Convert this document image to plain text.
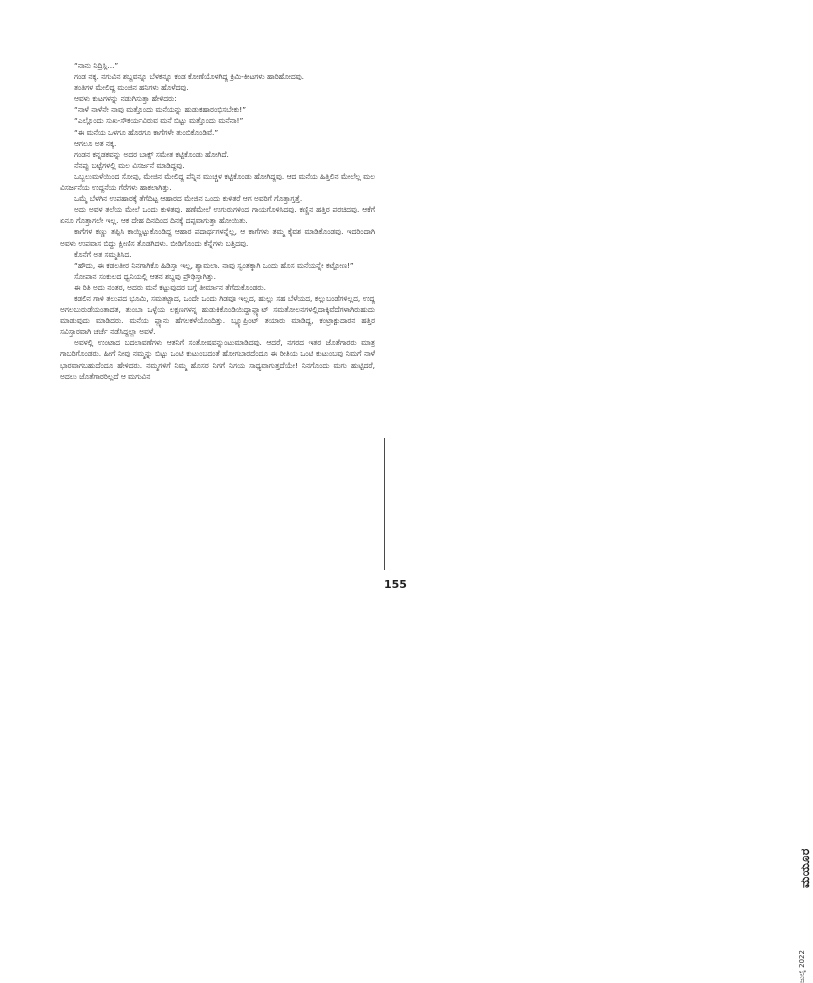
“ನಾನು ನಿದ್ರಿಸ್ಲಿ...”

ಗಂಡ ನಕ್ಕ. ನಗುವಿನ ಶಬ್ದವನ್ನೂ ಬೆಳಕನ್ನೂ ಕಂಡ ಕೋಣೆಯೊಳಗಿದ್ದ ಕ್ರಿಮಿ-ಕೀಟಗಳು ಹಾರಿಹೋದವು.

ತಂತಿಗಳ ಮೇಲಿದ್ದ ಮಂಜಿನ ಹನಿಗಳು ಹೊಳೆದವು.

ಆವಳು ಕುಟಗಳನ್ನು ನಡುಗಿಸುತ್ತಾ ಹೇಳಿದರು:

“ನಾಳೆ ನಾಳೆನೇ ನಾವು ಮತ್ತೊಂದು ಮನೆಯನ್ನು ಹುಡುಕಹಾರಂಭಿಸಬೇಕು!”

“ಎಲ್ಲೊಂದು ಸುಖ-ಸೌಕರ್ಯವಿರುವ ಮನೆ ಬಿಟ್ಟು ಮತ್ತೊಂದು ಮನೆನಾ!”

“ಈ ಮನೆಯ ಒಳಗೂ ಹೊರಗೂ ಕಾಗೆಗಳೇ ತುಂಬಿಕೊಂಡಿವೆ.”

ಆಗಲೂ ಅತ ನಕ್ಕ.

ಗಂಡನ ಕನ್ನಡಕವನ್ನು ಅದರ ಬಾಕ್ಸ್ ಸಮೇತ ಕಟ್ಟಿಕೊಂಡು ಹೋಗಿದೆ.

ನೆನಪ್ಪು ಬಟ್ಟೆಗಳಲ್ಲಿ ಮಲ ವಿಸರ್ಜನೆ ಮಾಡಿದ್ದವು.

ಒಬ್ಬಲುಮಳೆಯಿಂದ ಸೋಪು, ಮೇಜಿನ ಮೇಲಿದ್ದ ಪೆನ್ನಿನ ಮುಚ್ಚಳ ಕಟ್ಟಿಕೊಂಡು ಹೋಗಿದ್ದವು. ಆದ ಮನೆಯ ಹಿತ್ತಿಲಿನ ಮೇಲೆಲ್ಲ ಮಲ ವಿಸರ್ಜನೆಯ ಉದ್ದನೆಯ ಗೆರೆಗಳು ಹಾಕಲಾಗಿತ್ತು.

ಒಮ್ಮೆ ಬೆಳಗಿನ ಉಪಹಾರಕ್ಕೆ ತೆಗೆದಿಟ್ಟ ಆಹಾರದ ಮೇಜಿನ ಒಂದು ಕುಳಿತರೆ ಆಗ ಅವರಿಗೆ ಗೊತ್ತಾಗ್ತತ್ತೆ.

ಅದು ಅವಳ ತಲೆಯ ಮೇಲೆ ಒಂದು ಕುಳಿತವು. ಹಣೆಮೇಲೆ ಉಗುರುಗಳಿಂದ ಗಾಯಗೊಳಿಸಿದವು. ಕಣ್ಣಿನ ಹತ್ತಿರ ಪರಚಿದವು. ಆಕೆಗೆ ಏನೂ ಗೊತ್ತಾಗಲೇ ಇಲ್ಲ. ಆಕ ದೇಹ ದಿನದಿಂದ ದಿನಕ್ಕೆ ದಪ್ಪವಾಗುತ್ತಾ ಹೋಯಿತು.

ಕಾಗೆಗಳ ಕಣ್ಣು ತಪ್ಪಿಸಿ ಕಾಯ್ದಿಟ್ಟುಕೊಂಡಿದ್ದ ಆಹಾರ ಪದಾರ್ಥಗಳನ್ನೆಲ್ಲ, ಆ ಕಾಗೆಗಳು ತಮ್ಮ ಕೈವಶ ಮಾಡಿಕೊಂಡವು. ಇದರಿಂದಾಗಿ ಅವಳು ಉಪವಾಸ ಬಿದ್ದು ಕ್ಷೀಣಿಸ ತೊಡಗಿದಳು. ಬೀಡಿಗೊಂದು ಕೆನ್ನೆಗಳು ಬತ್ತಿದವು.

ಕೊನೆಗೆ ಅತ ಸಮ್ಮತಿಸಿದ.

“ಹೌದು, ಈ ಕಡಲತೀರ ನಿನಗಾಗಿಕೊ ಹಿಡಿಸ್ತಾ ಇಲ್ಲ, ಶ್ಯಾಮಲಾ. ನಾವು ಸ್ವಂತಕ್ಕಾಗಿ ಒಂದು ಹೊಸ ಮನೆಯನ್ನೇ ಕಟ್ಟೋಣ!”

ಸೋಪಾನ ಸಂಕುಲದ ಧ್ವನಿಯಲ್ಲಿ ಆತನ ಶಬ್ದವು ಪ್ರೌಢಿಸ್ತಾಗಿತ್ತು.

ಈ ರಿತಿ ಅದು ನಂತರ, ಅದರು ಮನೆ ಕಟ್ಟುವುದರ ಬಗ್ಗೆ ತೀರ್ಮಾನ ತೆಗೆದುಕೊಂಡರು.

ಕಡಲಿನ ಗಾಳಿ ತಲುಪದ ಭೂಮಿ, ಸಮತಟ್ಟಾದ, ಒಂದೇ ಒಂದು ಗಿಡವೂ ಇಲ್ಲದ, ಹುಲ್ಲು ಸಹ ಬೆಳೆಯದ, ಕಲ್ಲುಬಂಡೆಗಳಿಲ್ಲದ, ಉದ್ದ ಅಗಲಬುರುಡೆಯಂತಾದತ, ತುಂಬಾ ಒಳ್ಳೆಯ ಲಕ್ಷಣಗಳನ್ನ ಹುಡುಕಿಕೊಂಡಿಯಿದ್ದಾಪ್ಲ್ಯಾಟ್ ಸಮತೋಲನಗಳಲ್ಲಿದಾಕ್ಕಿವೆದೆಗಳಾಗಿರುಹುದು ಮಾಡುವುದು ಮಾಡಿದರು. ಮನೆಯ ಪ್ಲ್ಯಾನು ಹೆಗಲಕಳೆಯೊಂದಿತ್ತು. ಬ್ಲ್ಯೂಪ್ರಿಂಟ್ ತಯಾರು ಮಾಡಿದ್ದ, ಕಂಟ್ರಾಕ್ಟುದಾರನ ಹತ್ತಿರ ಸವಿಸ್ತಾರವಾಗಿ ಚರ್ಚೆ ನಡೆಸಿದ್ದಲ್ಲಾ ಅವಳೆ.

ಅವಳಲ್ಲಿ ಉಂಟಾದ ಬದಲಾವಣೆಗಳು ಆತನಿಗೆ ಸಂತೋಷವನ್ನುಂಟುಮಾಡಿದವು. ಆದರೆ, ನಗರದ ಇತರ ಜೊತೆಗಾರರು ಮಾತ್ರ ಗಾಬರಿಗೊಂಡರು. ಹೀಗೆ ನೀವು ನಮ್ಮನ್ನು ಬಿಟ್ಟು ಒಂಟಿ ಕುಟುಂಬದಂತೆ ಹೋಗಬಾರದೆಂದೂ ಈ ರೀತಿಯ ಒಂಟಿ ಕುಟುಂಬವು ನಿಮಗೆ ನಾಳೆ ಭಾರವಾಗಬಹುದೆಂದೂ ಹೇಳಿದರು. ನಮ್ಮಗಳಿಗೆ ನಿಮ್ಮ ಹೊಸರ ನಿಗಗೆ ನಿಗಯ ಸಾಧ್ಯವಾಗುತ್ತದೆಯೇ! ನಿನಗೊಂದು ಮಗು ಹುಟ್ಟಿದರೆ, ಅದಲು ಜೊತೆಗಾರರಿಲ್ಲದೆ ಆ ಮಗುವಿನ

ಮಯೂರ
ಜುಲೈ 2022
155
